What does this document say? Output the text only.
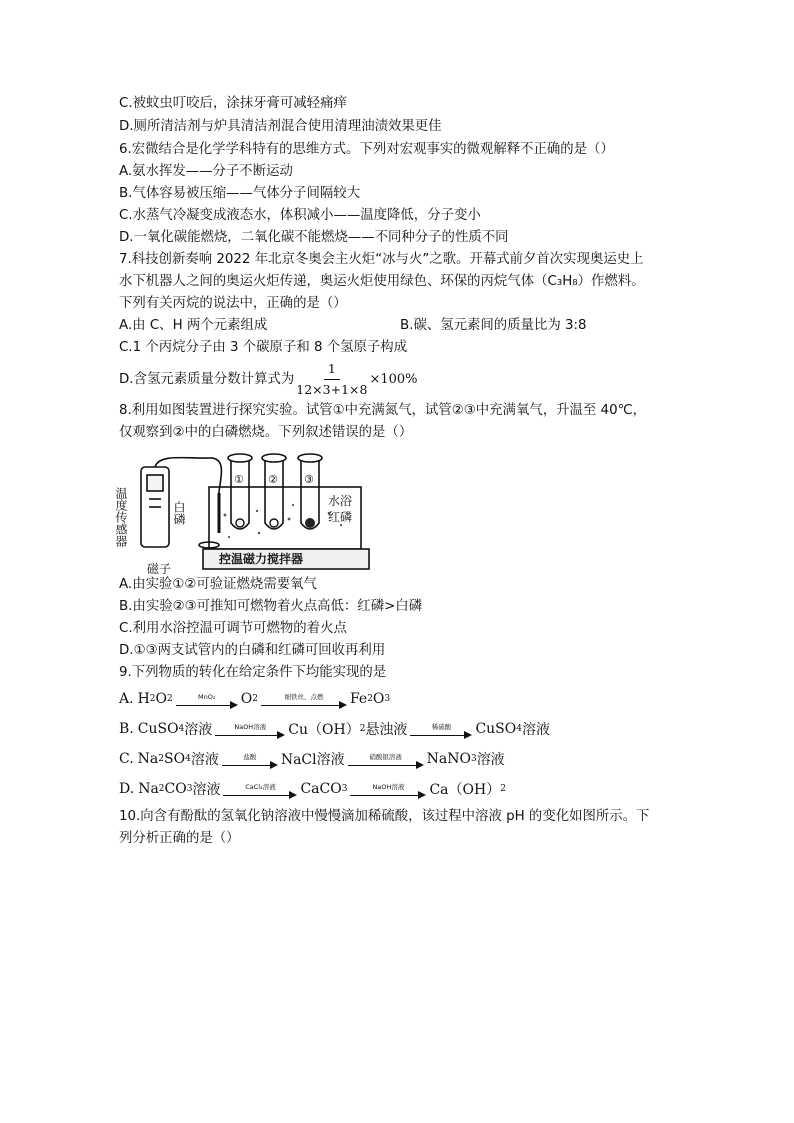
C.被蚊虫叮咬后，涂抹牙膏可减轻痛痒
D.厕所清洁剂与炉具清洁剂混合使用清理油渍效果更佳
6.宏微结合是化学学科特有的思维方式。下列对宏观事实的微观解释不正确的是（）
A.氨水挥发——分子不断运动
B.气体容易被压缩——气体分子间隔较大
C.水蒸气冷凝变成液态水，体积减小——温度降低，分子变小
D.一氧化碳能燃烧，二氧化碳不能燃烧——不同种分子的性质不同
7.科技创新奏响 2022 年北京冬奥会主火炬“冰与火”之歌。开幕式前夕首次实现奥运史上
水下机器人之间的奥运火炬传递，奥运火炬使用绿色、环保的丙烷气体（C₃H₈）作燃料。
下列有关丙烷的说法中，正确的是（）
A.由 C、H 两个元素组成	B.碳、氢元素间的质量比为 3:8
C.1 个丙烷分子由 3 个碳原子和 8 个氢原子构成
D.含氢元素质量分数计算式为 $\frac{1}{12\times 3+1\times 8} \times 100\%$
8.利用如图装置进行探究实验。试管①中充满氮气，试管②③中充满氧气，升温至 40℃，
仅观察到②中的白磷燃烧。下列叙述错误的是（）
温度传感器	白磷	水浴
红磷
磁子
控温磁力搅拌器
① ② ③
A.由实验①②可验证燃烧需要氧气
B.由实验②③可推知可燃物着火点高低：红磷>白磷
C.利用水浴控温可调节可燃物的着火点
D.①③两支试管内的白磷和红磷可回收再利用
9.下列物质的转化在给定条件下均能实现的是
A. H 2 O 2	MnO₂ O 2	细铁丝、点燃 Fe 2 O 3
B. CuSO 4 溶液	NaOH溶液 Cu（OH） 2 悬浊液	稀硫酸 CuSO 4 溶液
C. Na 2 SO 4 溶液	盐酸 NaCl溶液	硝酸银溶液 NaNO 3 溶液
D. Na 2 CO 3 溶液	CaCl₂溶液 CaCO 3	NaOH溶液 Ca（OH） 2
10.向含有酚酞的氢氧化钠溶液中慢慢滴加稀硫酸，该过程中溶液 pH 的变化如图所示。下
列分析正确的是（）
